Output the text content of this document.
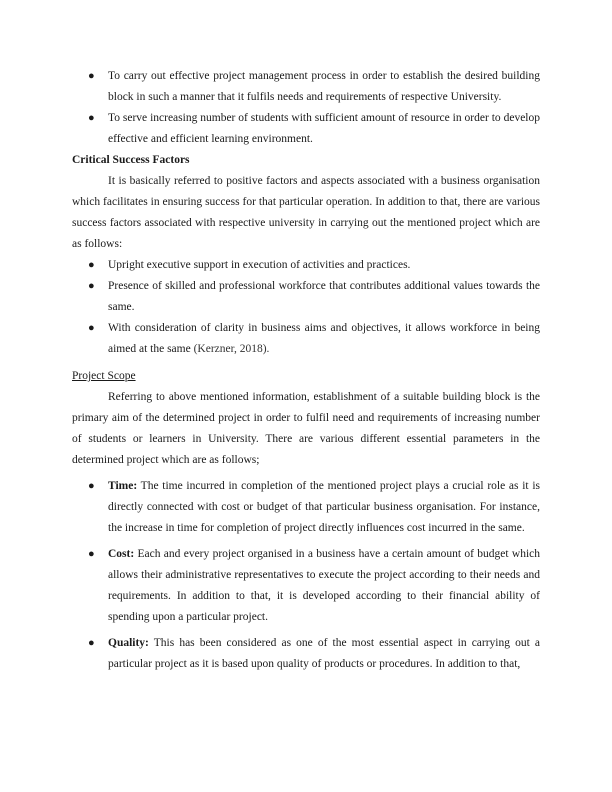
● To carry out effective project management process in order to establish the desired building block in such a manner that it fulfils needs and requirements of respective University.
● To serve increasing number of students with sufficient amount of resource in order to develop effective and efficient learning environment.
Critical Success Factors

It is basically referred to positive factors and aspects associated with a business organisation which facilitates in ensuring success for that particular operation. In addition to that, there are various success factors associated with respective university in carrying out the mentioned project which are as follows:

● Upright executive support in execution of activities and practices.
● Presence of skilled and professional workforce that contributes additional values towards the same.
● With consideration of clarity in business aims and objectives, it allows workforce in being aimed at the same (Kerzner, 2018).

Project Scope

Referring to above mentioned information, establishment of a suitable building block is the primary aim of the determined project in order to fulfil need and requirements of increasing number of students or learners in University. There are various different essential parameters in the determined project which are as follows;

● Time: The time incurred in completion of the mentioned project plays a crucial role as it is directly connected with cost or budget of that particular business organisation. For instance, the increase in time for completion of project directly influences cost incurred in the same.
● Cost: Each and every project organised in a business have a certain amount of budget which allows their administrative representatives to execute the project according to their needs and requirements. In addition to that, it is developed according to their financial ability of spending upon a particular project.
● Quality: This has been considered as one of the most essential aspect in carrying out a particular project as it is based upon quality of products or procedures. In addition to that,
